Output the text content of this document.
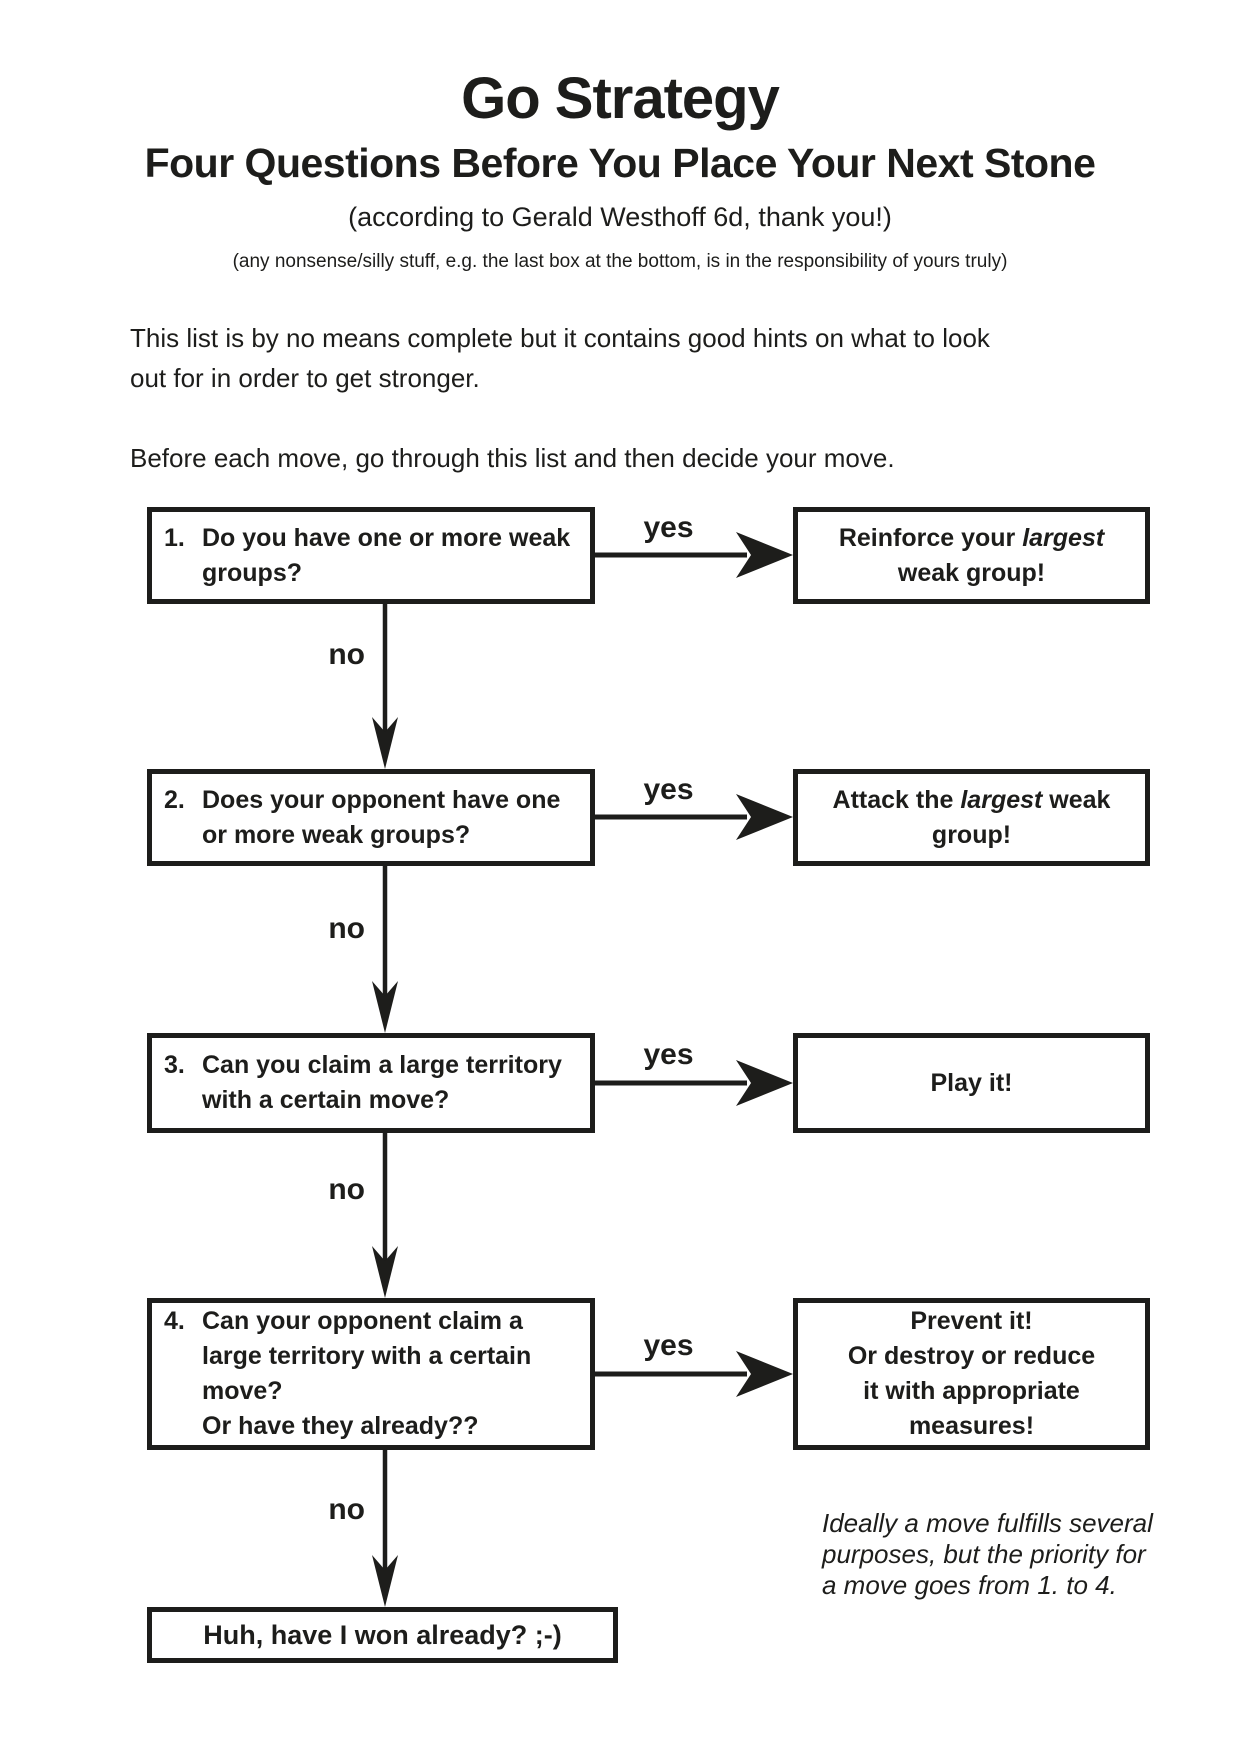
Go Strategy
Four Questions Before You Place Your Next Stone
(according to Gerald Westhoff 6d, thank you!)
(any nonsense/silly stuff, e.g. the last box at the bottom, is in the responsibility of yours truly)
This list is by no means complete but it contains good hints on what to look
out for in order to get stronger.
Before each move, go through this list and then decide your move.
1. Do you have one or more weak
groups?
yes	Reinforce your largest
weak group!
no
2. Does your opponent have one
or more weak groups?
yes	Attack the largest weak
group!
no
3. Can you claim a large territory
with a certain move?
yes
Play it!
no
4. Can your opponent claim a
large territory with a certain
move?
Or have they already??
yes
Prevent it!
Or destroy or reduce
it with appropriate
measures!
no
Huh, have I won already? ;-)
Ideally a move fulfills several
purposes, but the priority for
a move goes from 1. to 4.
